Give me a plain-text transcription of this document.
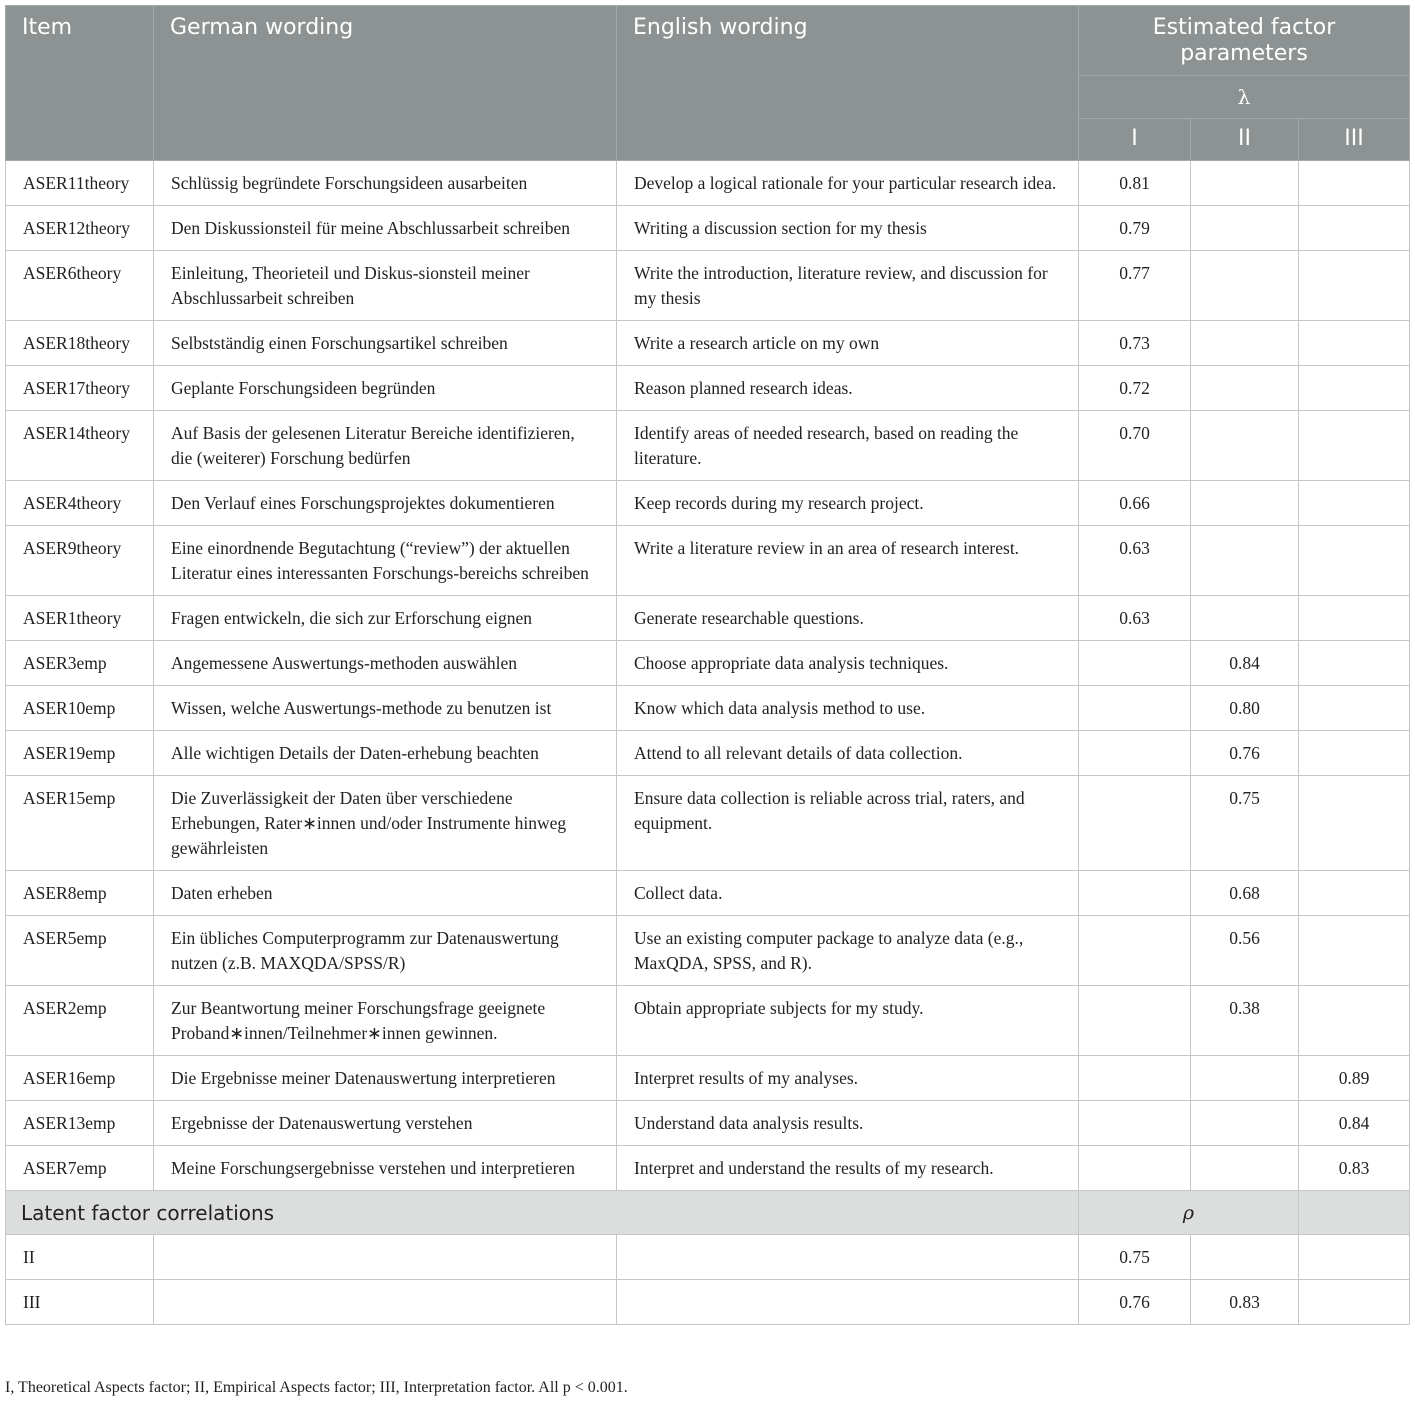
Item	German wording	English wording	Estimated factor parameters		
			λ		
			I	II	III
ASER11theory	Schlüssig begründete Forschungsideen ausarbeiten	Develop a logical rationale for your particular research idea.	0.81		
ASER12theory	Den Diskussionsteil für meine Abschlussarbeit schreiben	Writing a discussion section for my thesis	0.79		
ASER6theory	Einleitung, Theorieteil und Diskus-sionsteil meiner Abschlussarbeit schreiben	Write the introduction, literature review, and discussion for my thesis	0.77		
ASER18theory	Selbstständig einen Forschungsartikel schreiben	Write a research article on my own	0.73		
ASER17theory	Geplante Forschungsideen begründen	Reason planned research ideas.	0.72		
ASER14theory	Auf Basis der gelesenen Literatur Bereiche identifizieren, die (weiterer) Forschung bedürfen	Identify areas of needed research, based on reading the literature.	0.70		
ASER4theory	Den Verlauf eines Forschungsprojektes dokumentieren	Keep records during my research project.	0.66		
ASER9theory	Eine einordnende Begutachtung (“review”) der aktuellen Literatur eines interessanten Forschungs-bereichs schreiben	Write a literature review in an area of research interest.	0.63		
ASER1theory	Fragen entwickeln, die sich zur Erforschung eignen	Generate researchable questions.	0.63		
ASER3emp	Angemessene Auswertungs-methoden auswählen	Choose appropriate data analysis techniques.		0.84	
ASER10emp	Wissen, welche Auswertungs-methode zu benutzen ist	Know which data analysis method to use.		0.80	
ASER19emp	Alle wichtigen Details der Daten-erhebung beachten	Attend to all relevant details of data collection.		0.76	
ASER15emp	Die Zuverlässigkeit der Daten über verschiedene Erhebungen, Rater∗innen und/oder Instrumente hinweg gewährleisten	Ensure data collection is reliable across trial, raters, and equipment.		0.75	
ASER8emp	Daten erheben	Collect data.		0.68	
ASER5emp	Ein übliches Computerprogramm zur Datenauswertung nutzen (z.B. MAXQDA/SPSS/R)	Use an existing computer package to analyze data (e.g., MaxQDA, SPSS, and R).		0.56	
ASER2emp	Zur Beantwortung meiner Forschungsfrage geeignete Proband∗innen/Teilnehmer∗innen gewinnen.	Obtain appropriate subjects for my study.		0.38	
ASER16emp	Die Ergebnisse meiner Datenauswertung interpretieren	Interpret results of my analyses.			0.89
ASER13emp	Ergebnisse der Datenauswertung verstehen	Understand data analysis results.			0.84
ASER7emp	Meine Forschungsergebnisse verstehen und interpretieren	Interpret and understand the results of my research.			0.83
Latent factor correlations			ρ		
II			0.75		
III			0.76	0.83	
I, Theoretical Aspects factor; II, Empirical Aspects factor; III, Interpretation factor. All p < 0.001.
